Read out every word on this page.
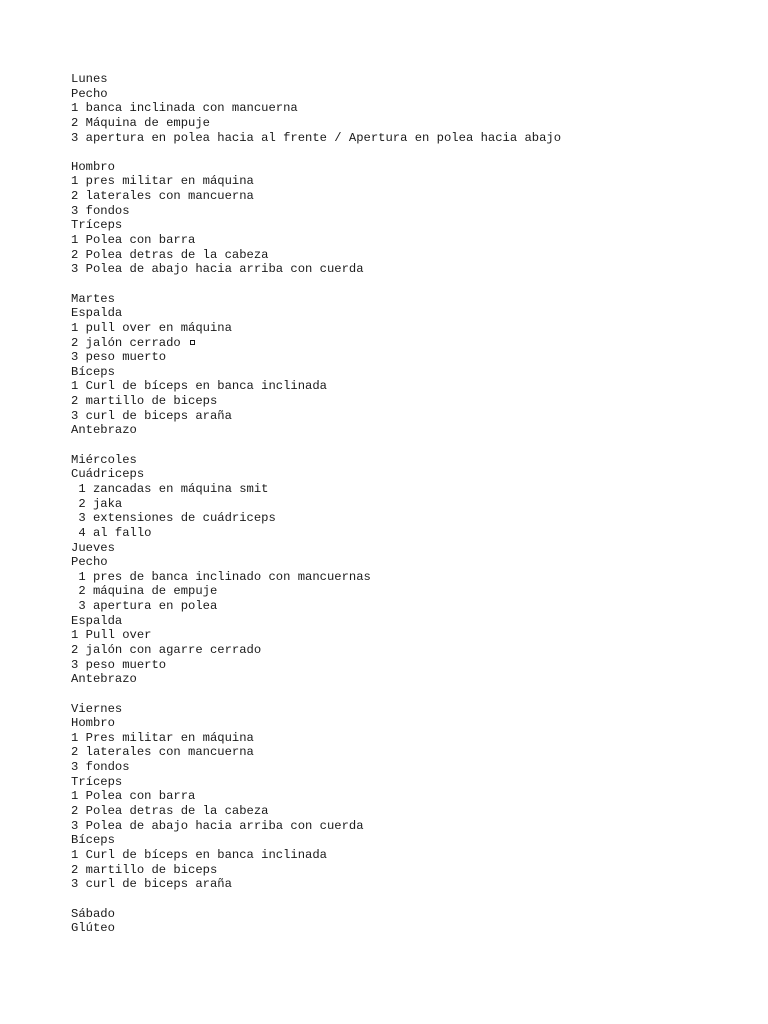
Lunes
Pecho
1 banca inclinada con mancuerna
2 Máquina de empuje
3 apertura en polea hacia al frente / Apertura en polea hacia abajo
Hombro
1 pres militar en máquina
2 laterales con mancuerna
3 fondos
Tríceps
1 Polea con barra
2 Polea detras de la cabeza
3 Polea de abajo hacia arriba con cuerda
Martes
Espalda
1 pull over en máquina
2 jalón cerrado
3 peso muerto
Bíceps
1 Curl de bíceps en banca inclinada
2 martillo de biceps
3 curl de biceps araña
Antebrazo
Miércoles
Cuádriceps
1 zancadas en máquina smit
2 jaka
3 extensiones de cuádriceps
4 al fallo
Jueves
Pecho
1 pres de banca inclinado con mancuernas
2 máquina de empuje
3 apertura en polea
Espalda
1 Pull over
2 jalón con agarre cerrado
3 peso muerto
Antebrazo
Viernes
Hombro
1 Pres militar en máquina
2 laterales con mancuerna
3 fondos
Tríceps
1 Polea con barra
2 Polea detras de la cabeza
3 Polea de abajo hacia arriba con cuerda
Bíceps
1 Curl de bíceps en banca inclinada
2 martillo de biceps
3 curl de biceps araña
Sábado
Glúteo
